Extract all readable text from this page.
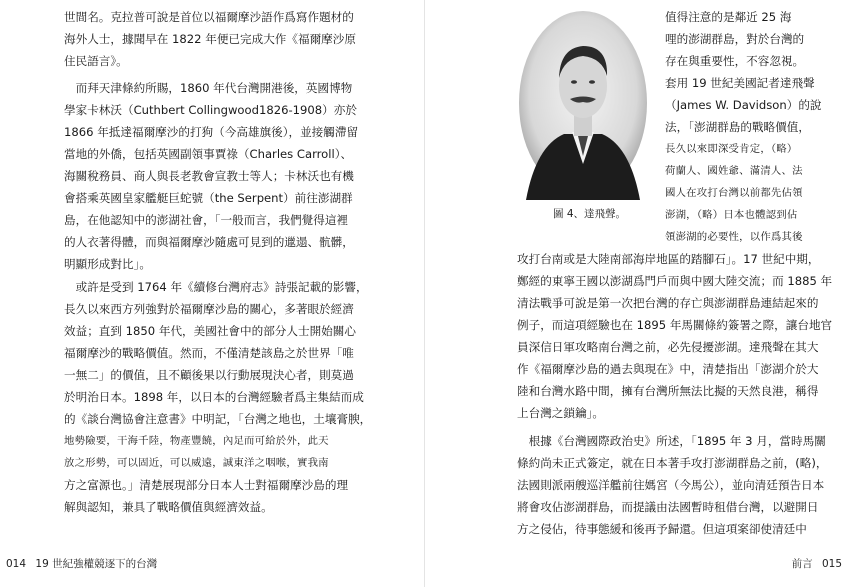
世間名。克拉普可說是首位以福爾摩沙語作爲寫作題材的
海外人士，據聞早在 1822 年便已完成大作《福爾摩沙原
住民語言》。
　而拜天津條約所賜，1860 年代台灣開港後，英國博物
學家卡林沃（Cuthbert Collingwood1826-1908）亦於
1866 年抵達福爾摩沙的打狗（今高雄旗後），並接觸滯留
當地的外僑，包括英國副領事賈祿（Charles Carroll）、
海關稅務員、商人與長老教會宣教士等人；卡林沃也有機
會搭乘英國皇家艦艇巨蛇號（the Serpent）前往澎湖群
島，在他認知中的澎湖社會，「一般而言，我們覺得這裡
的人衣著得體，而與福爾摩沙隨處可見到的邋遢、骯髒，
明顯形成對比」。
　或許是受到 1764 年《續修台灣府志》詩張記載的影響，
長久以來西方列強對於福爾摩沙島的關心，多著眼於經濟
效益；直到 1850 年代，美國社會中的部分人士開始關心
福爾摩沙的戰略價值。然而，不僅清楚該島之於世界「唯
一無二」的價值，且不顧後果以行動展現決心者，則莫過
於明治日本。1898 年，以日本的台灣經驗者爲主集結而成
的《談台灣協會注意書》中明記，「台灣之地也，土壤膏腴，
地勢險要，干海千陸，物產豐饒，內足而可給於外，此天
放之形勢，可以固近，可以威遠，誠東洋之咽喉，實我南
方之富源也。」清楚展現部分日本人士對福爾摩沙島的理
解與認知，兼具了戰略價值與經濟效益。
014 19 世紀強權競逐下的台灣
圖 4、達飛聲。
值得注意的是鄰近 25 海
哩的澎湖群島，對於台灣的
存在與重要性，不容忽視。
套用 19 世紀美國記者達飛聲
（James W. Davidson）的說
法，「澎湖群島的戰略價值，
長久以來即深受肯定，（略）
荷蘭人、國姓爺、滿清人、法
國人在攻打台灣以前都先佔領
澎湖，（略）日本也體認到佔
領澎湖的必要性，以作爲其後
攻打台南或是大陸南部海岸地區的踏腳石」。17 世紀中期，
鄭經的東寧王國以澎湖爲門戶而與中國大陸交流；而 1885 年
清法戰爭可說是第一次把台灣的存亡與澎湖群島連結起來的
例子，而這項經驗也在 1895 年馬關條約簽署之際，讓台地官
員深信日軍攻略南台灣之前，必先侵擾澎湖。達飛聲在其大
作《福爾摩沙島的過去與現在》中，清楚指出「澎湖介於大
陸和台灣水路中間，擁有台灣所無法比擬的天然良港，稱得
上台灣之鎖鑰」。
　根據《台灣國際政治史》所述，「1895 年 3 月，當時馬關
條約尚未正式簽定，就在日本著手攻打澎湖群島之前，(略)，
法國則派兩艘巡洋艦前往媽宮（今馬公），並向清廷預告日本
將會攻佔澎湖群島，而提議由法國暫時租借台灣，以避開日
方之侵佔，待事態緩和後再予歸還。但這項案卻使清廷中
前言 015
